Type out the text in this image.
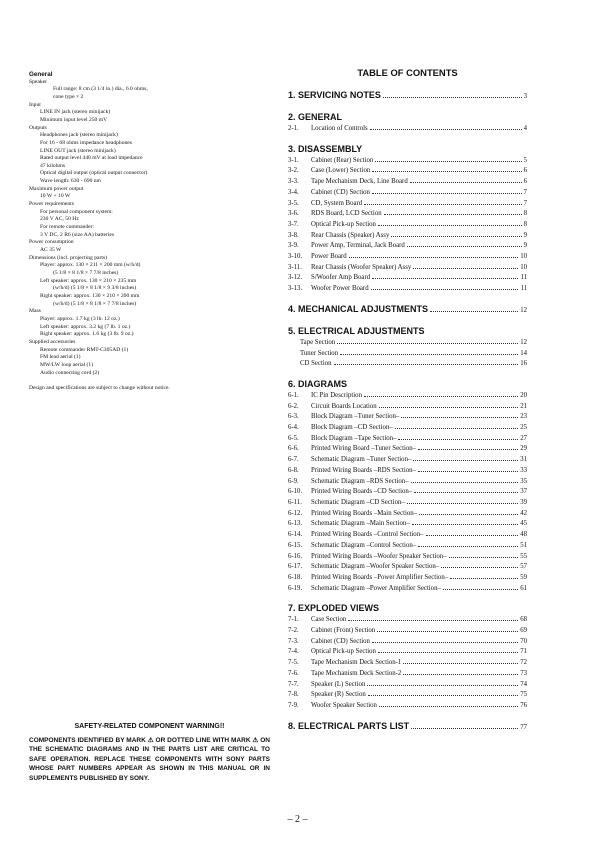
General
Speaker
Full range: 8 cm (3 1/4 in.) dia., 6.0 ohms,
cone type × 2
Input
LINE IN jack (stereo minijack)
Minimum input level 250 mV
Outputs
Headphones jack (stereo minijack)
For 16 - 68 ohms impedance headphones
LINE OUT jack (stereo minijack)
Rated output level 440 mV at load impedance
47 kilohms
Optical digital output (optical output connector)
Wave length: 630 - 690 nm
Maximum power output
10 W + 10 W
Power requirements
For personal component system:
230 V AC, 50 Hz
For remote commander:
3 V DC, 2 R6 (size AA) batteries
Power consumption
AC 35 W
Dimensions (incl. projecting parts)
Player: approx. 130 × 211 × 200 mm (w/h/d)
(5 1/8 × 8 1/8 × 7 7/8 inches)
Left speaker: approx. 130 × 210 × 235 mm
(w/h/d) (5 1/8 × 8 1/8 × 9 3/8 inches)
Right speaker: approx. 130 × 210 × 200 mm
(w/h/d) (5 1/8 × 8 1/8 × 7 7/8 inches)
Mass
Player: approx. 1.7 kg (3 lb. 12 oz.)
Left speaker: approx. 3.2 kg (7 lb. 1 oz.)
Right speaker: approx. 1.6 kg (3 lb. 9 oz.)
Supplied accessories
Remote commander RMT-C305AD (1)
FM lead aerial (1)
MW/LW loop aerial (1)
Audio connecting cord (2)
Design and specifications are subject to change without notice.
SAFETY-RELATED COMPONENT WARNING!!
COMPONENTS IDENTIFIED BY MARK ⚠ OR DOTTED LINE WITH MARK ⚠ ON THE SCHEMATIC DIAGRAMS AND IN THE PARTS LIST ARE CRITICAL TO SAFE OPERATION. REPLACE THESE COMPONENTS WITH SONY PARTS WHOSE PART NUMBERS APPEAR AS SHOWN IN THIS MANUAL OR IN SUPPLEMENTS PUBLISHED BY SONY.
TABLE OF CONTENTS
1. SERVICING NOTES	3
2. GENERAL
2-1.	Location of Controls	4
3. DISASSEMBLY
3-1.	Cabinet (Rear) Section	5
3-2.	Case (Lower) Section	6
3-3.	Tape Mechanism Deck, Line Board	6
3-4.	Cabinet (CD) Section	7
3-5.	CD, System Board	7
3-6.	RDS Board, LCD Section	8
3-7.	Optical Pick-up Section	8
3-8.	Rear Chassis (Speaker) Assy	9
3-9.	Power Amp, Terminal, Jack Board	9
3-10.	Power Board	10
3-11.	Rear Chassis (Woofer Speaker) Assy	10
3-12.	S/Woofer Amp Board	11
3-13.	Woofer Power Board	11
4. MECHANICAL ADJUSTMENTS	12
5. ELECTRICAL ADJUSTMENTS
Tape Section	12
Tuner Section	14
CD Section	16
6. DIAGRAMS
6-1.	IC Pin Description	20
6-2.	Circuit Boards Location	21
6-3.	Block Diagram –Tuner Section–	23
6-4.	Block Diagram –CD Section–	25
6-5.	Block Diagram –Tape Section–	27
6-6.	Printed Wiring Board –Tuner Section–	29
6-7.	Schematic Diagram –Tuner Section–	31
6-8.	Printed Wiring Boards –RDS Section–	33
6-9.	Schematic Diagram –RDS Section–	35
6-10.	Printed Wiring Boards –CD Section–	37
6-11.	Schematic Diagram –CD Section–	39
6-12.	Printed Wiring Boards –Main Section–	42
6-13.	Schematic Diagram –Main Section–	45
6-14.	Printed Wiring Boards –Control Section–	48
6-15.	Schematic Diagram –Control Section–	51
6-16.	Printed Wiring Boards –Woofer Speaker Section–	55
6-17.	Schematic Diagram –Woofer Speaker Section–	57
6-18.	Printed Wiring Boards –Power Amplifier Section–	59
6-19.	Schematic Diagram –Power Amplifier Section–	61
7. EXPLODED VIEWS
7-1.	Case Section	68
7-2.	Cabinet (Front) Section	69
7-3.	Cabinet (CD) Section	70
7-4.	Optical Pick-up Section	71
7-5.	Tape Mechanism Deck Section-1	72
7-6.	Tape Mechanism Deck Section-2	73
7-7.	Speaker (L) Section	74
7-8.	Speaker (R) Section	75
7-9.	Woofer Speaker Section	76
8. ELECTRICAL PARTS LIST	77
– 2 –
